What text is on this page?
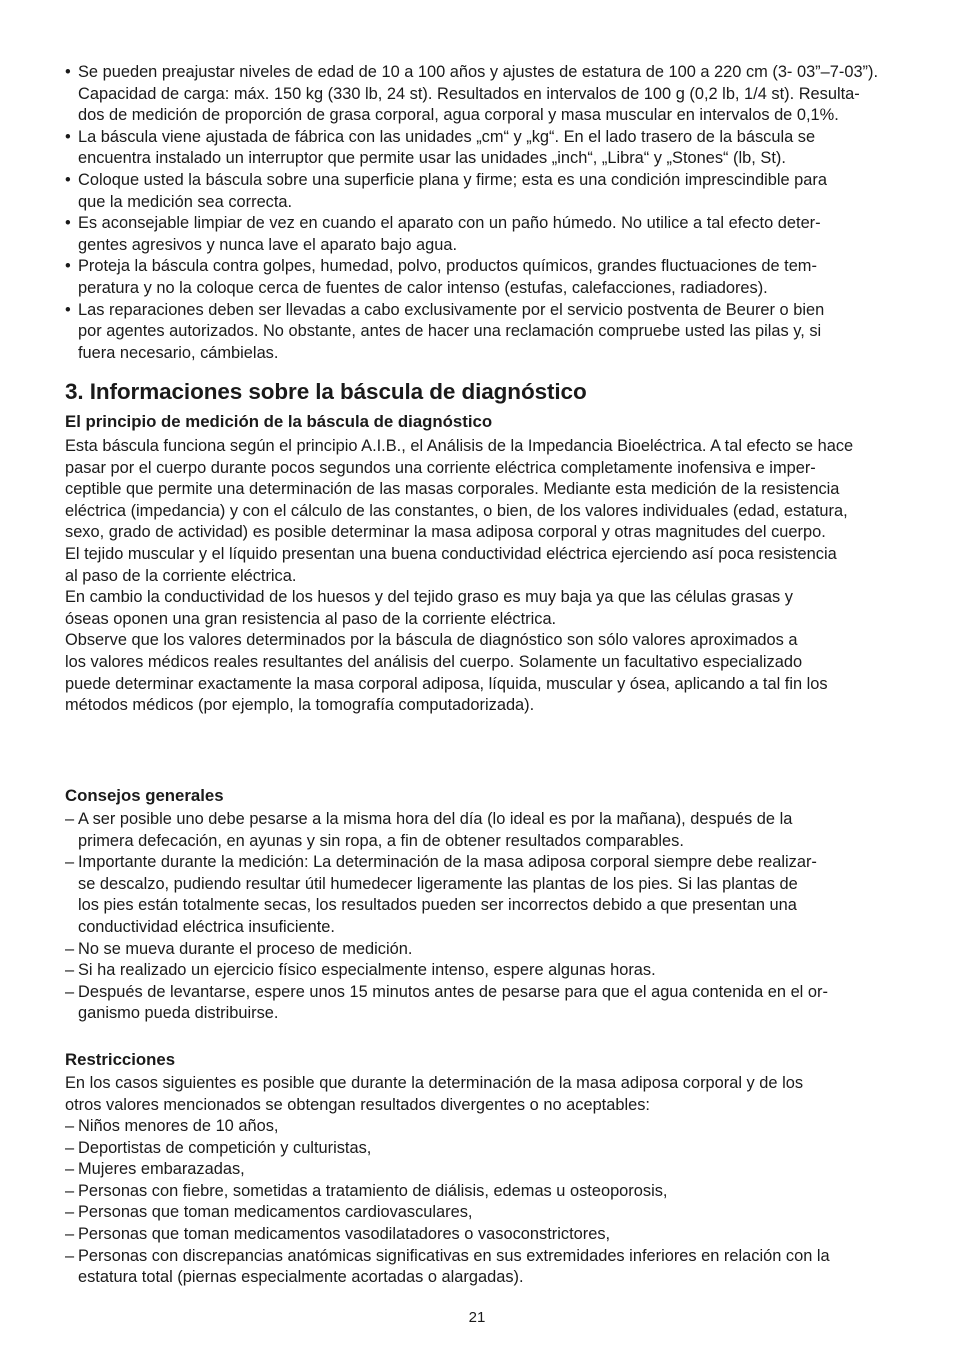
• Se pueden preajustar niveles de edad de 10 a 100 años y ajustes de estatura de 100 a 220 cm (3- 03”–7-03”).
Capacidad de carga: máx. 150 kg (330 lb, 24 st). Resultados en intervalos de 100 g (0,2 lb, 1/4 st). Resulta-
dos de medición de proporción de grasa corporal, agua corporal y masa muscular en intervalos de 0,1%.
• La báscula viene ajustada de fábrica con las unidades „cm“ y „kg“. En el lado trasero de la báscula se
encuentra instalado un interruptor que permite usar las unidades „inch“, „Libra“ y „Stones“ (lb, St).
• Coloque usted la báscula sobre una superficie plana y firme; esta es una condición imprescindible para
que la medición sea correcta.
• Es aconsejable limpiar de vez en cuando el aparato con un paño húmedo. No utilice a tal efecto deter-
gentes agresivos y nunca lave el aparato bajo agua.
• Proteja la báscula contra golpes, humedad, polvo, productos químicos, grandes fluctuaciones de tem-
peratura y no la coloque cerca de fuentes de calor intenso (estufas, calefacciones, radiadores).
• Las reparaciones deben ser llevadas a cabo exclusivamente por el servicio postventa de Beurer o bien
por agentes autorizados. No obstante, antes de hacer una reclamación compruebe usted las pilas y, si
fuera necesario, cámbielas.
3. Informaciones sobre la báscula de diagnóstico
El principio de medición de la báscula de diagnóstico
Esta báscula funciona según el principio A.I.B., el Análisis de la Impedancia Bioeléctrica. A tal efecto se hace
pasar por el cuerpo durante pocos segundos una corriente eléctrica completamente inofensiva e imper-
ceptible que permite una determinación de las masas corporales. Mediante esta medición de la resistencia
eléctrica (impedancia) y con el cálculo de las constantes, o bien, de los valores individuales (edad, estatura,
sexo, grado de actividad) es posible determinar la masa adiposa corporal y otras magnitudes del cuerpo.
El tejido muscular y el líquido presentan una buena conductividad eléctrica ejerciendo así poca resistencia
al paso de la corriente eléctrica.
En cambio la conductividad de los huesos y del tejido graso es muy baja ya que las células grasas y
óseas oponen una gran resistencia al paso de la corriente eléctrica.
Observe que los valores determinados por la báscula de diagnóstico son sólo valores aproximados a
los valores médicos reales resultantes del análisis del cuerpo. Solamente un facultativo especializado
puede determinar exactamente la masa corporal adiposa, líquida, muscular y ósea, aplicando a tal fin los
métodos médicos (por ejemplo, la tomografía computadorizada).
Consejos generales
– A ser posible uno debe pesarse a la misma hora del día (lo ideal es por la mañana), después de la
primera defecación, en ayunas y sin ropa, a fin de obtener resultados comparables.
– Importante durante la medición: La determinación de la masa adiposa corporal siempre debe realizar-
se descalzo, pudiendo resultar útil humedecer ligeramente las plantas de los pies. Si las plantas de
los pies están totalmente secas, los resultados pueden ser incorrectos debido a que presentan una
conductividad eléctrica insuficiente.
– No se mueva durante el proceso de medición.
– Si ha realizado un ejercicio físico especialmente intenso, espere algunas horas.
– Después de levantarse, espere unos 15 minutos antes de pesarse para que el agua contenida en el or-
ganismo pueda distribuirse.
Restricciones
En los casos siguientes es posible que durante la determinación de la masa adiposa corporal y de los
otros valores mencionados se obtengan resultados divergentes o no aceptables:
– Niños menores de 10 años,
– Deportistas de competición y culturistas,
– Mujeres embarazadas,
– Personas con fiebre, sometidas a tratamiento de diálisis, edemas u osteoporosis,
– Personas que toman medicamentos cardiovasculares,
– Personas que toman medicamentos vasodilatadores o vasoconstrictores,
– Personas con discrepancias anatómicas significativas en sus extremidades inferiores en relación con la
estatura total (piernas especialmente acortadas o alargadas).
21
